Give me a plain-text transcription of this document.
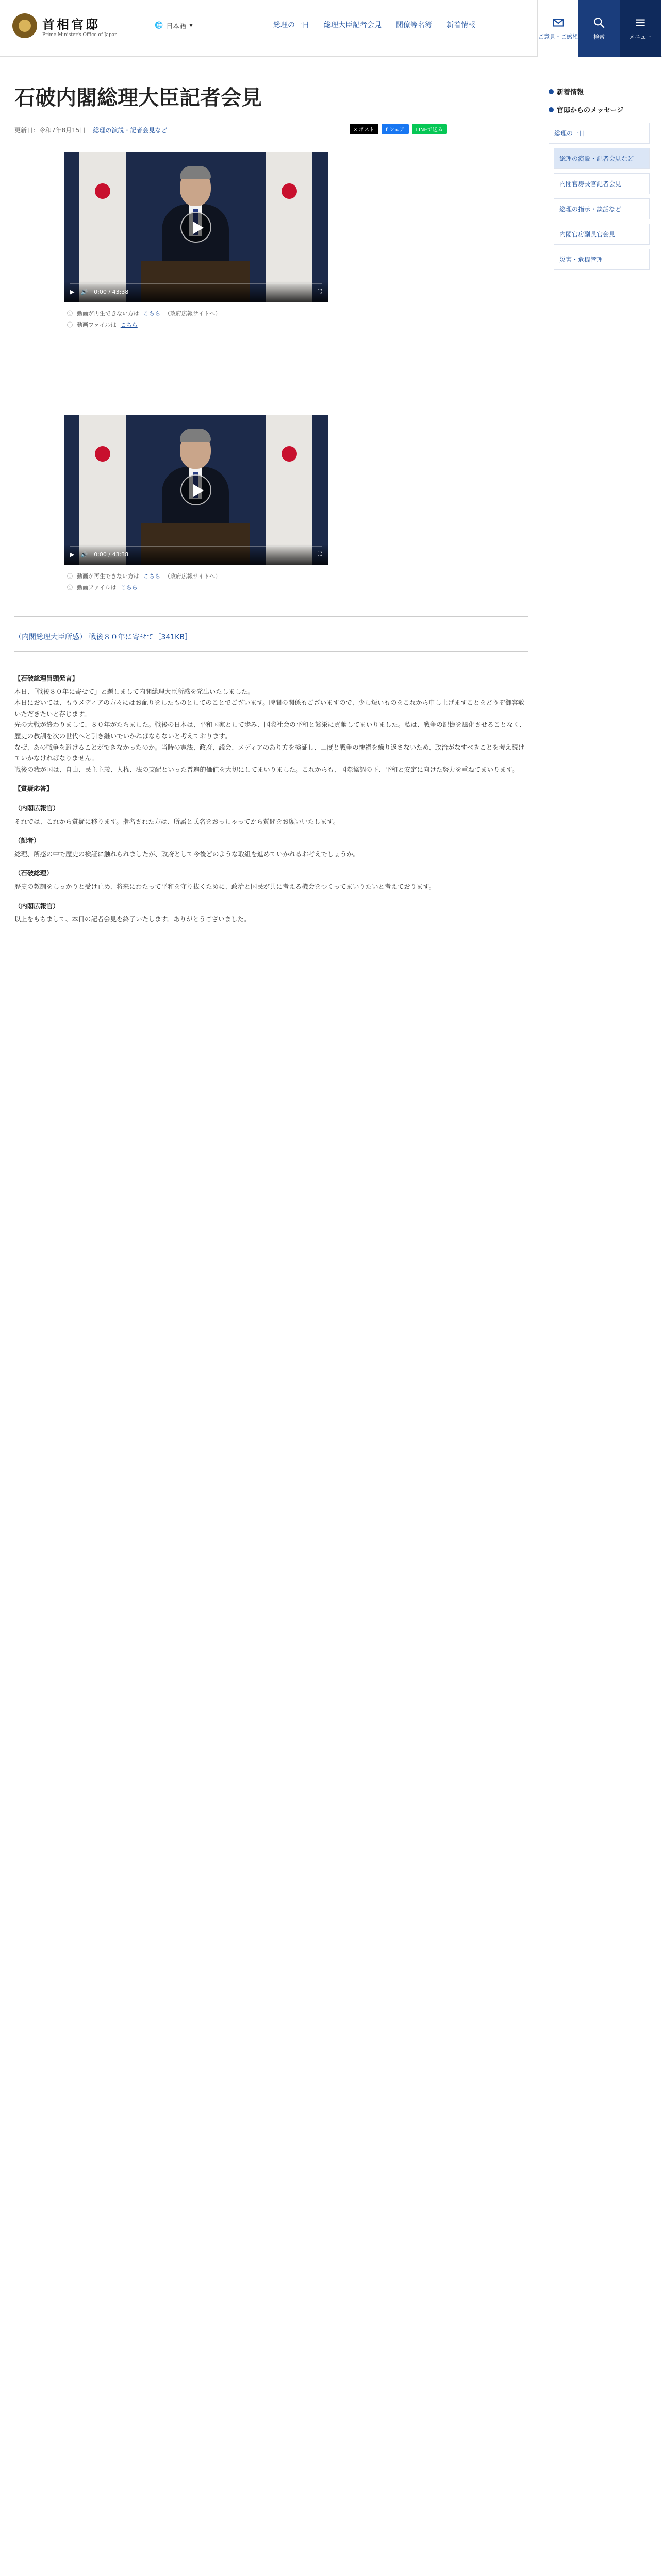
首相官邸
Prime Minister's Office of Japan
🌐 日本語 ▾	総理の一日 総理大臣記者会見 閣僚等名簿 新着情報
ご意見・ご感想	検索	メニュー
石破内閣総理大臣記者会見
更新日：令和7年8月15日 総理の演説・記者会見など	X ポスト	f シェア	LINEで送る
▶ 🔊 0:00 / 43:38	⛶
ⓘ 動画が再生できない方は こちら （政府広報サイトへ）
ⓘ 動画ファイルは こちら
▶ 🔊 0:00 / 43:38	⛶
ⓘ 動画が再生できない方は こちら （政府広報サイトへ）
ⓘ 動画ファイルは こちら
（内閣総理大臣所感） 戦後８０年に寄せて［341KB］
【石破総理冒頭発言】

本日、「戦後８０年に寄せて」と題しまして内閣総理大臣所感を発出いたしました。

本日においては、もうメディアの方々にはお配りをしたものとしてのことでございます。時間の関係もございますので、少し短いものをこれから申し上げますことをどうぞ御容赦いただきたいと存じます。

先の大戦が終わりまして、８０年がたちました。戦後の日本は、平和国家として歩み、国際社会の平和と繁栄に貢献してまいりました。私は、戦争の記憶を風化させることなく、歴史の教訓を次の世代へと引き継いでいかねばならないと考えております。

なぜ、あの戦争を避けることができなかったのか。当時の憲法、政府、議会、メディアのあり方を検証し、二度と戦争の惨禍を繰り返さないため、政治がなすべきことを考え続けていかなければなりません。

戦後の我が国は、自由、民主主義、人権、法の支配といった普遍的価値を大切にしてまいりました。これからも、国際協調の下、平和と安定に向けた努力を重ねてまいります。

【質疑応答】
（内閣広報官）

それでは、これから質疑に移ります。指名された方は、所属と氏名をおっしゃってから質問をお願いいたします。

（記者）

総理、所感の中で歴史の検証に触れられましたが、政府として今後どのような取組を進めていかれるお考えでしょうか。

（石破総理）

歴史の教訓をしっかりと受け止め、将来にわたって平和を守り抜くために、政治と国民が共に考える機会をつくってまいりたいと考えております。

（内閣広報官）

以上をもちまして、本日の記者会見を終了いたします。ありがとうございました。

新着情報
官邸からのメッセージ
総理の一日
総理の演説・記者会見など
内閣官房長官記者会見
総理の指示・談話など
内閣官房副長官会見
災害・危機管理
